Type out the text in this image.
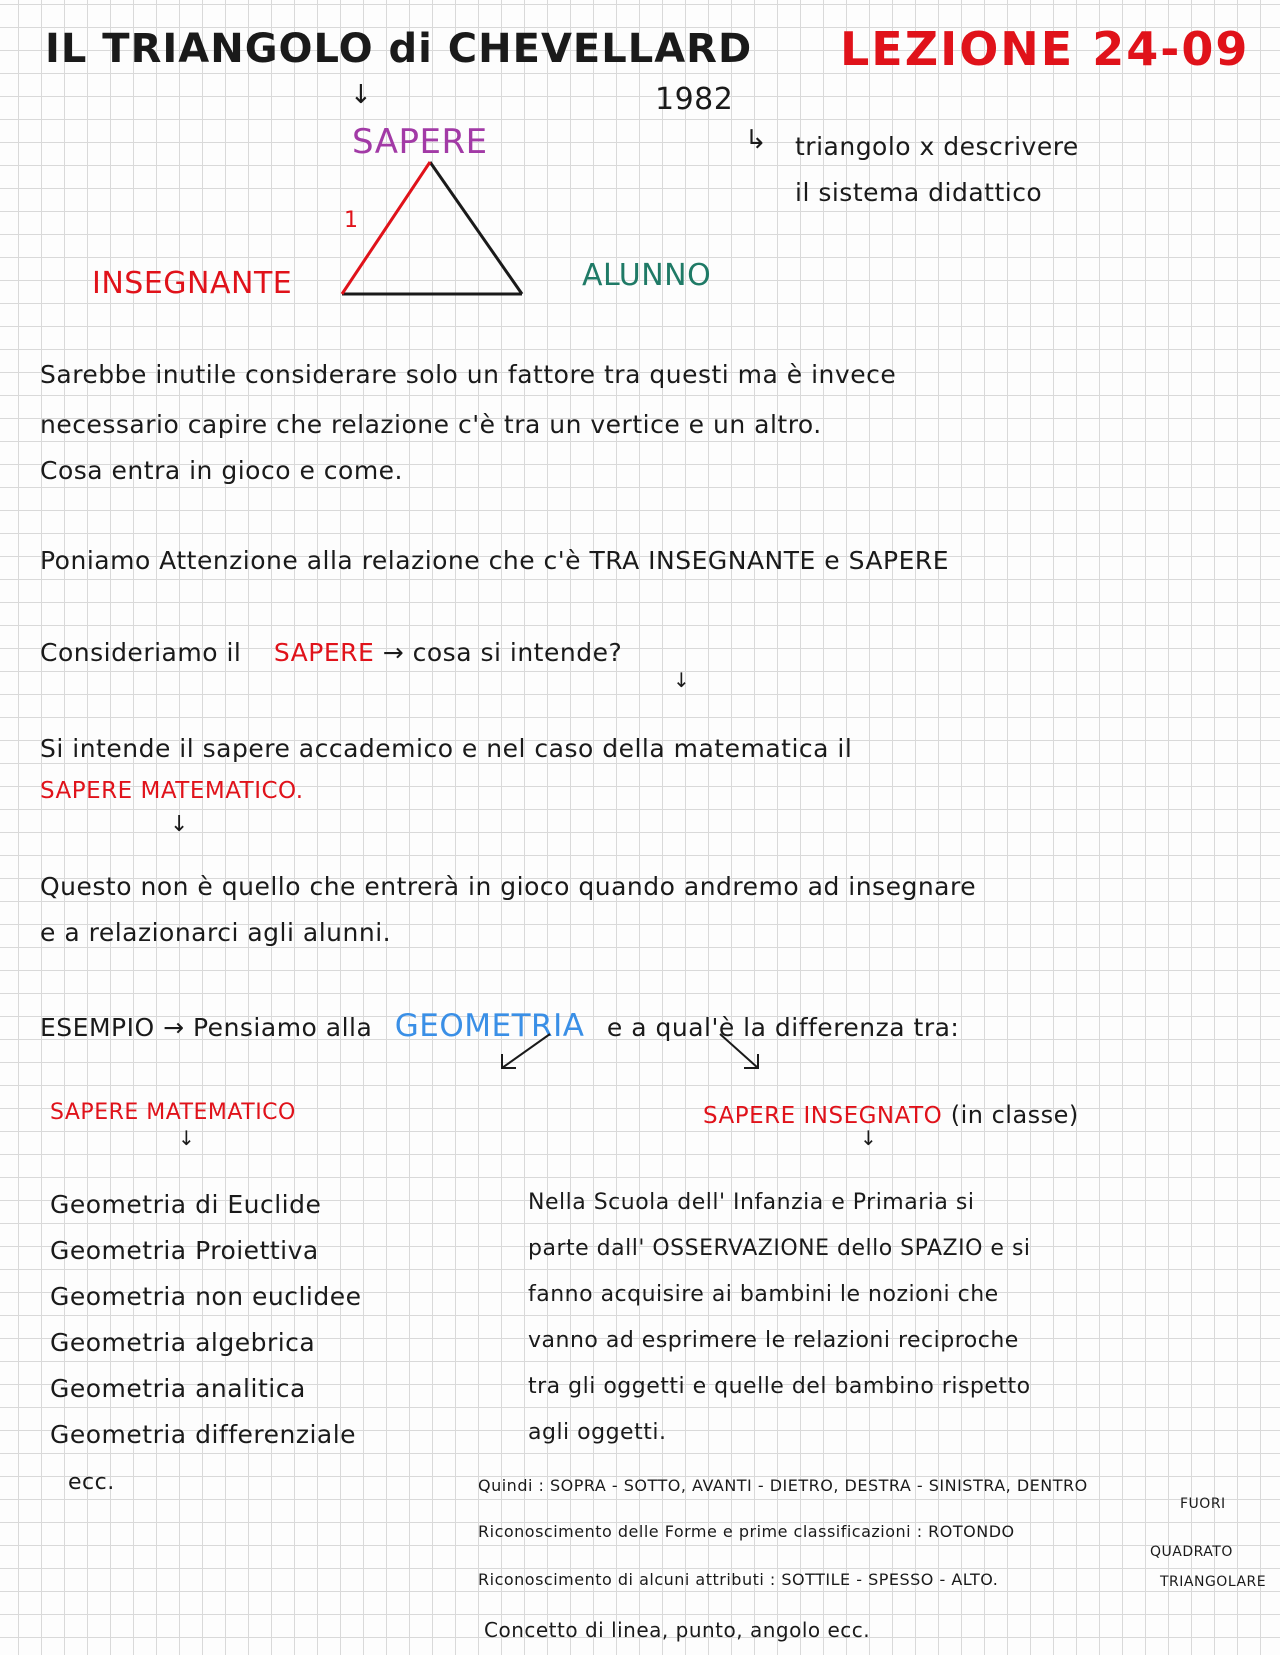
IL TRIANGOLO di CHEVELLARD LEZIONE 24-09
↓	1982
↳ triangolo x descrivere
il sistema didattico
SAPERE
1
INSEGNANTE	ALUNNO
Sarebbe inutile considerare solo un fattore tra questi ma è invece
necessario capire che relazione c'è tra un vertice e un altro.
Cosa entra in gioco e come.
Poniamo Attenzione alla relazione che c'è TRA INSEGNANTE e SAPERE
Consideriamo il SAPERE → cosa si intende?
↓
Si intende il sapere accademico e nel caso della matematica il
SAPERE MATEMATICO.
↓
Questo non è quello che entrerà in gioco quando andremo ad insegnare
e a relazionarci agli alunni.
ESEMPIO → Pensiamo alla GEOMETRIA e a qual'è la differenza tra:
SAPERE MATEMATICO
↓
Geometria di Euclide
Geometria Proiettiva
Geometria non euclidee
Geometria algebrica
Geometria analitica
Geometria differenziale
ecc.
SAPERE INSEGNATO (in classe)
↓
Nella Scuola dell' Infanzia e Primaria si
parte dall' OSSERVAZIONE dello SPAZIO e si
fanno acquisire ai bambini le nozioni che
vanno ad esprimere le relazioni reciproche
tra gli oggetti e quelle del bambino rispetto
agli oggetti.
Quindi : SOPRA - SOTTO, AVANTI - DIETRO, DESTRA - SINISTRA, DENTRO
FUORI
Riconoscimento delle Forme e prime classificazioni : ROTONDO
QUADRATO
Riconoscimento di alcuni attributi : SOTTILE - SPESSO - ALTO.	TRIANGOLARE
Concetto di linea, punto, angolo ecc.
